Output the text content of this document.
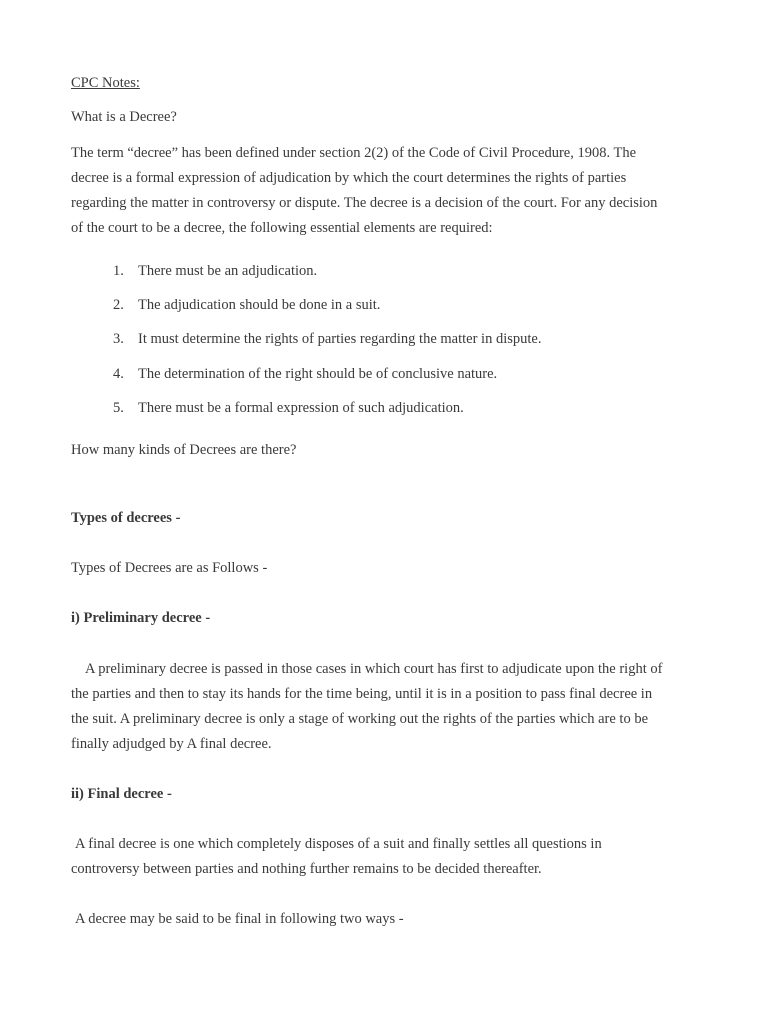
CPC Notes:
What is a Decree?
The term “decree” has been defined under section 2(2) of the Code of Civil Procedure, 1908. The
decree is a formal expression of adjudication by which the court determines the rights of parties
regarding the matter in controversy or dispute. The decree is a decision of the court. For any decision
of the court to be a decree, the following essential elements are required:
1. There must be an adjudication.
2. The adjudication should be done in a suit.
3. It must determine the rights of parties regarding the matter in dispute.
4. The determination of the right should be of conclusive nature.
5. There must be a formal expression of such adjudication.
How many kinds of Decrees are there?
Types of decrees -
Types of Decrees are as Follows -
i) Preliminary decree -
A preliminary decree is passed in those cases in which court has first to adjudicate upon the right of
the parties and then to stay its hands for the time being, until it is in a position to pass final decree in
the suit. A preliminary decree is only a stage of working out the rights of the parties which are to be
finally adjudged by A final decree.
ii) Final decree -
A final decree is one which completely disposes of a suit and finally settles all questions in
controversy between parties and nothing further remains to be decided thereafter.
A decree may be said to be final in following two ways -
